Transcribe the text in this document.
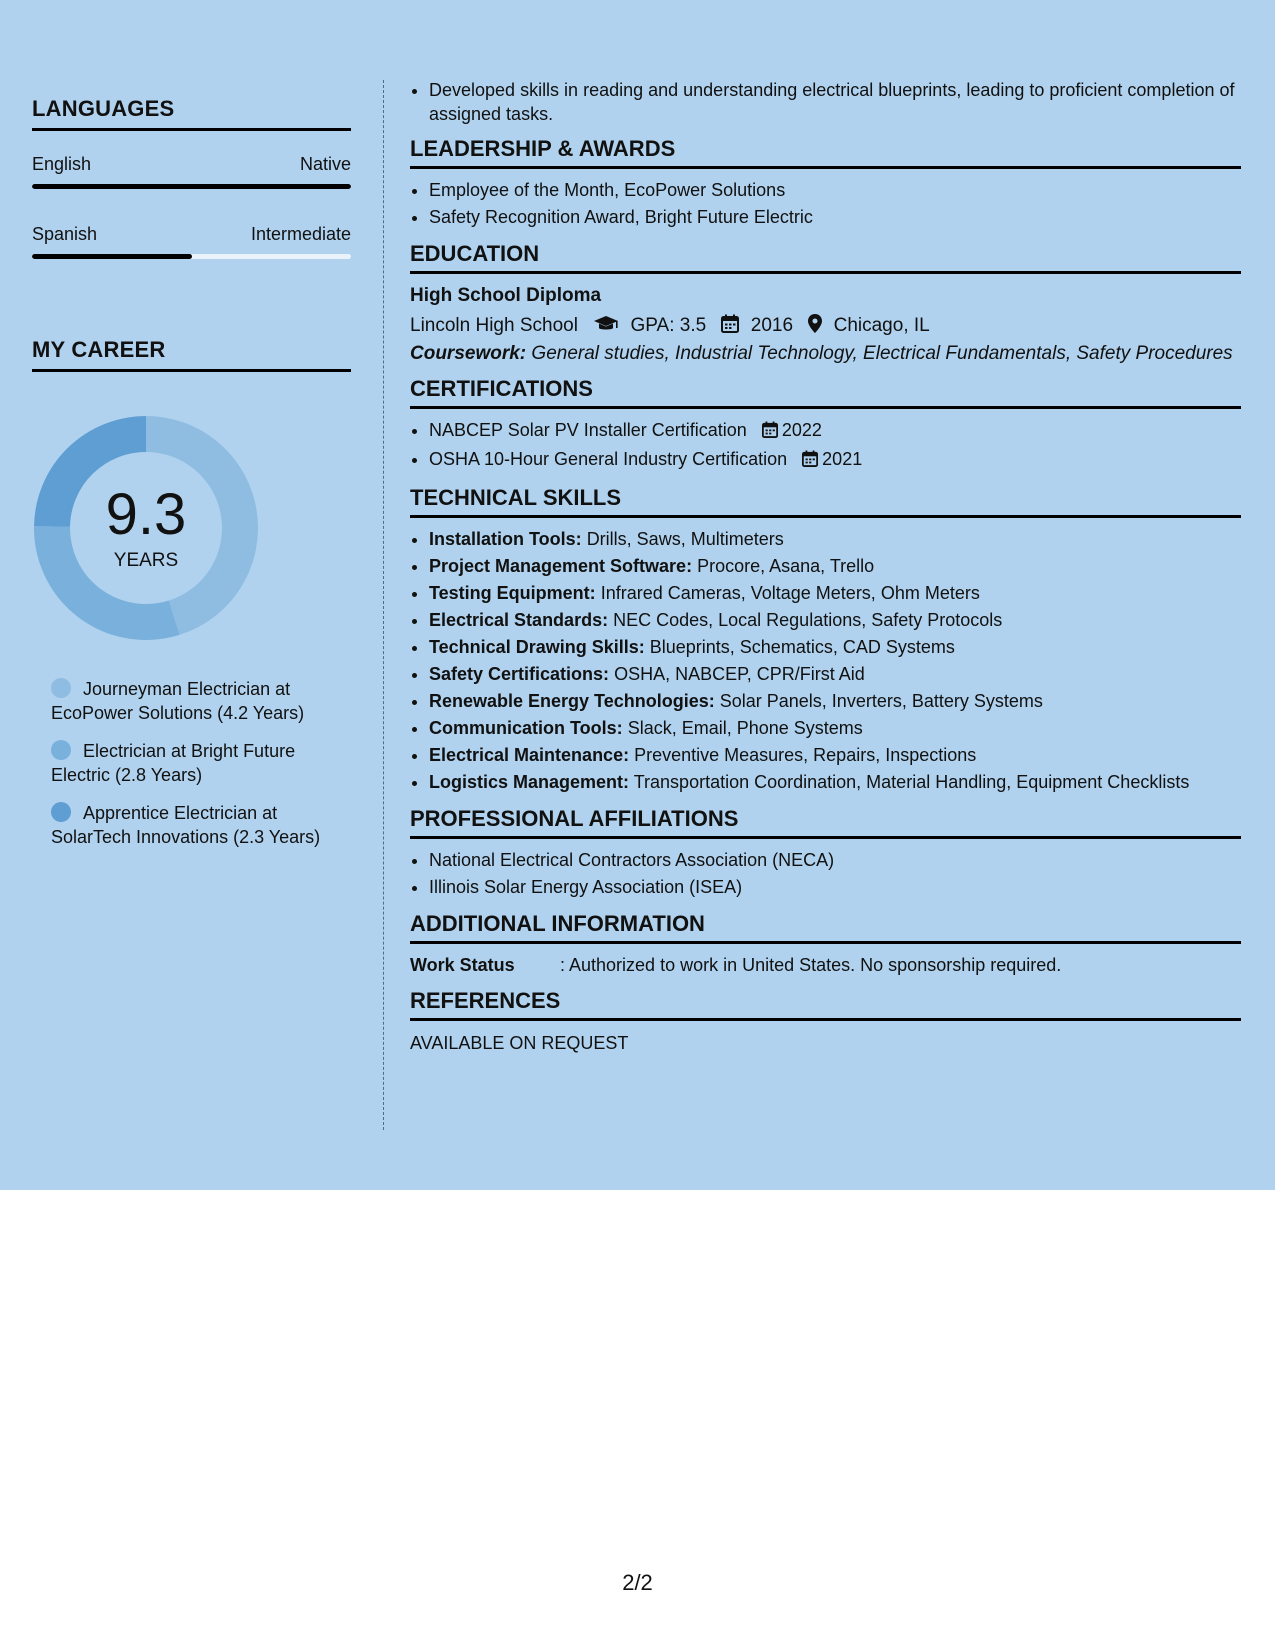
LANGUAGES
English	Native
Spanish	Intermediate
MY CAREER
9.3
YEARS
Journeyman Electrician at EcoPower Solutions (4.2 Years)
Electrician at Bright Future Electric (2.8 Years)
Apprentice Electrician at SolarTech Innovations (2.3 Years)
• Developed skills in reading and understanding electrical blueprints, leading to proficient completion of assigned tasks.
LEADERSHIP & AWARDS
• Employee of the Month, EcoPower Solutions
• Safety Recognition Award, Bright Future Electric
EDUCATION
High School Diploma
Lincoln High School	GPA: 3.5 2016 Chicago, IL
Coursework: General studies, Industrial Technology, Electrical Fundamentals, Safety Procedures
CERTIFICATIONS
• NABCEP Solar PV Installer Certification 2022
• OSHA 10-Hour General Industry Certification 2021
TECHNICAL SKILLS
• Installation Tools: Drills, Saws, Multimeters
• Project Management Software: Procore, Asana, Trello
• Testing Equipment: Infrared Cameras, Voltage Meters, Ohm Meters
• Electrical Standards: NEC Codes, Local Regulations, Safety Protocols
• Technical Drawing Skills: Blueprints, Schematics, CAD Systems
• Safety Certifications: OSHA, NABCEP, CPR/First Aid
• Renewable Energy Technologies: Solar Panels, Inverters, Battery Systems
• Communication Tools: Slack, Email, Phone Systems
• Electrical Maintenance: Preventive Measures, Repairs, Inspections
• Logistics Management: Transportation Coordination, Material Handling, Equipment Checklists
PROFESSIONAL AFFILIATIONS
• National Electrical Contractors Association (NECA)
• Illinois Solar Energy Association (ISEA)
ADDITIONAL INFORMATION
Work Status	: Authorized to work in United States. No sponsorship required.
REFERENCES
AVAILABLE ON REQUEST
2/2
